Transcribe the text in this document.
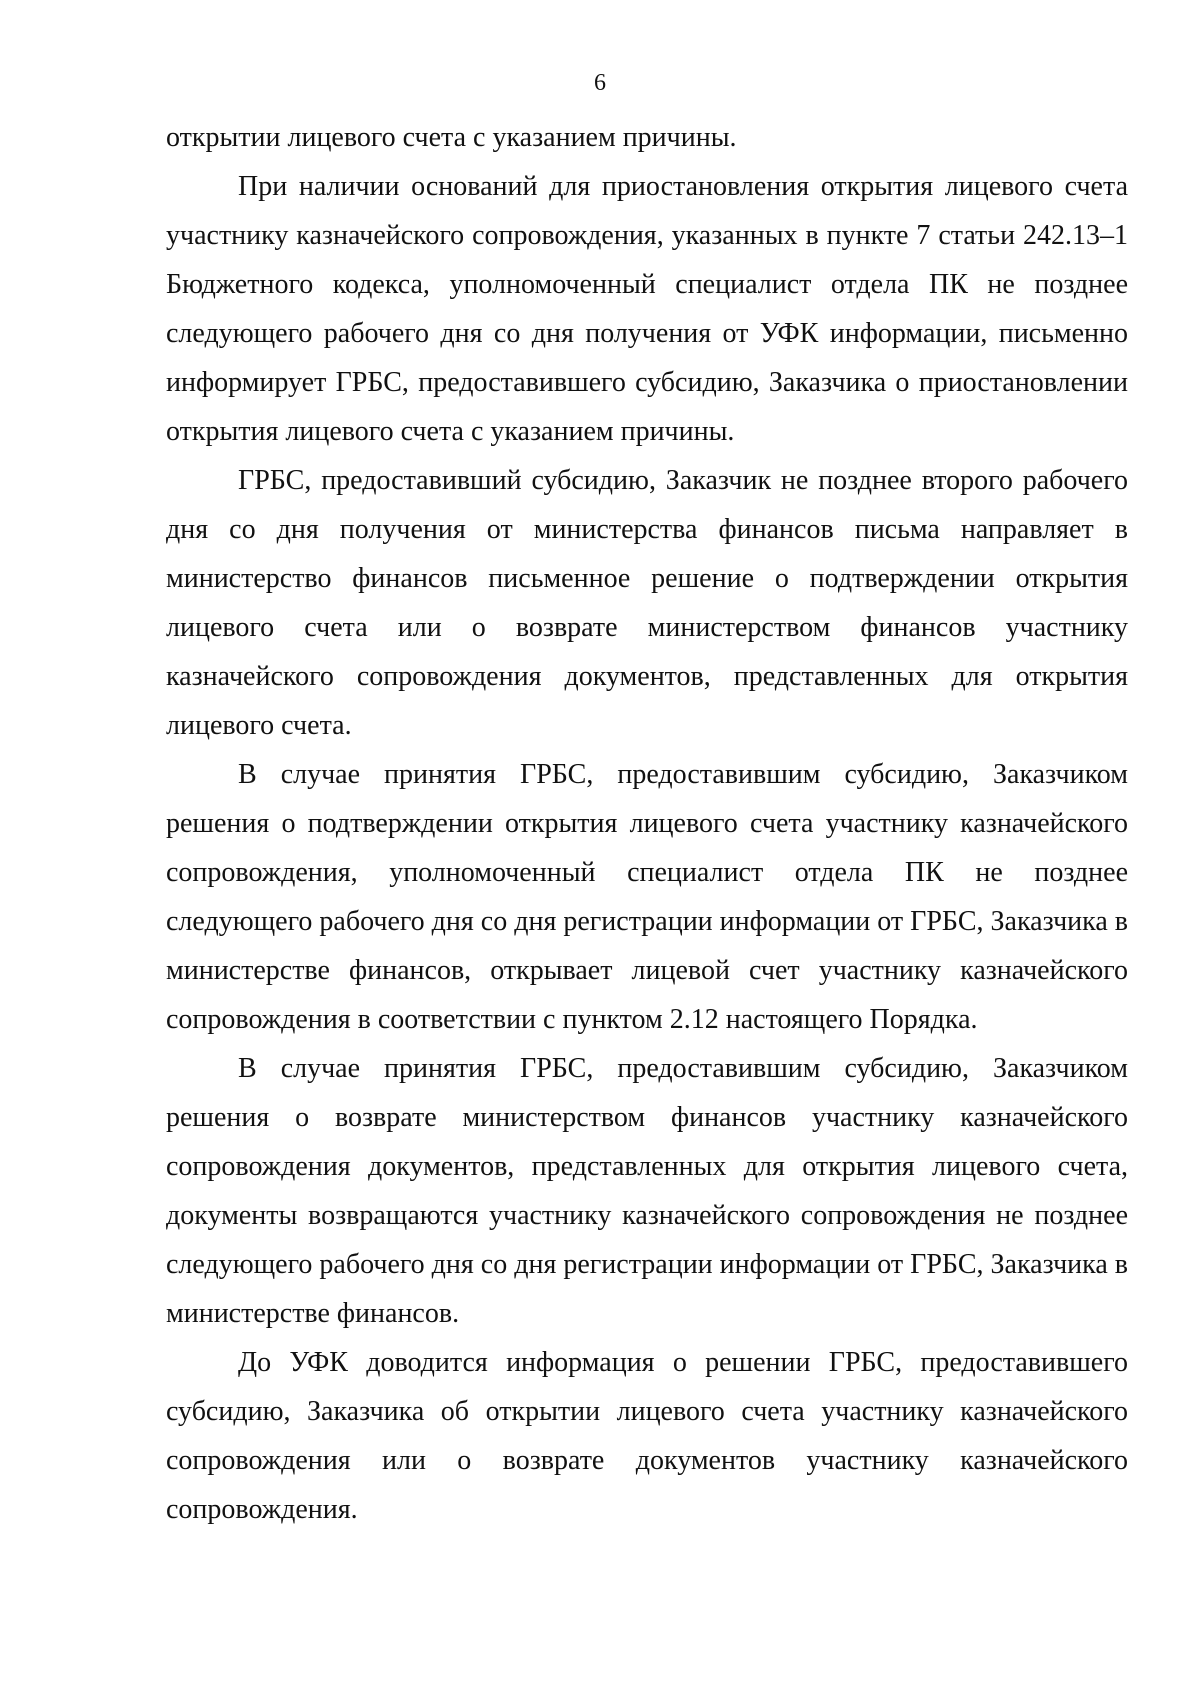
6

открытии лицевого счета с указанием причины.

При наличии оснований для приостановления открытия лицевого счета участнику казначейского сопровождения, указанных в пункте 7 статьи 242.13–1 Бюджетного кодекса, уполномоченный специалист отдела ПК не позднее следующего рабочего дня со дня получения от УФК информации, письменно информирует ГРБС, предоставившего субсидию, Заказчика о приостановлении открытия лицевого счета с указанием причины.

ГРБС, предоставивший субсидию, Заказчик не позднее второго рабочего дня со дня получения от министерства финансов письма направляет в министерство финансов письменное решение о подтверждении открытия лицевого счета или о возврате министерством финансов участнику казначейского сопровождения документов, представленных для открытия лицевого счета.

В случае принятия ГРБС, предоставившим субсидию, Заказчиком решения о подтверждении открытия лицевого счета участнику казначейского сопровождения, уполномоченный специалист отдела ПК не позднее следующего рабочего дня со дня регистрации информации от ГРБС, Заказчика в министерстве финансов, открывает лицевой счет участнику казначейского сопровождения в соответствии с пунктом 2.12 настоящего Порядка.

В случае принятия ГРБС, предоставившим субсидию, Заказчиком решения о возврате министерством финансов участнику казначейского сопровождения документов, представленных для открытия лицевого счета, документы возвращаются участнику казначейского сопровождения не позднее следующего рабочего дня со дня регистрации информации от ГРБС, Заказчика в министерстве финансов.

До УФК доводится информация о решении ГРБС, предоставившего субсидию, Заказчика об открытии лицевого счета участнику казначейского сопровождения или о возврате документов участнику казначейского сопровождения.
